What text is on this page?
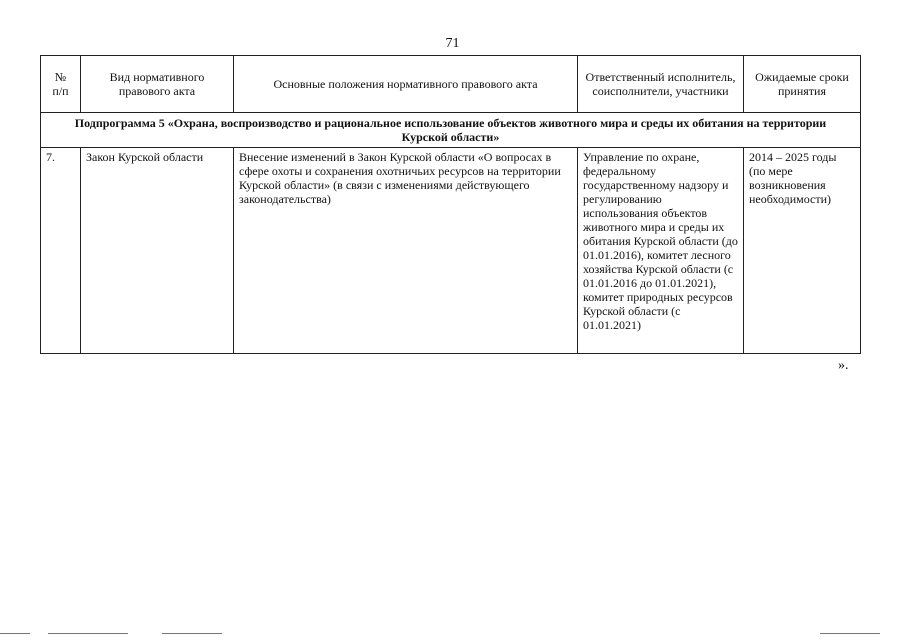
71
№
п/п	Вид нормативного правового акта	Основные положения нормативного правового акта	Ответственный исполнитель, соисполнители, участники	Ожидаемые сроки принятия
Подпрограмма 5 «Охрана, воспроизводство и рациональное использование объектов животного мира и среды их обитания на территории Курской области»				
7.	Закон Курской области	Внесение изменений в Закон Курской области «О вопросах в сфере охоты и сохранения охотничьих ресурсов на территории Курской области» (в связи с изменениями действующего законодательства)	Управление по охране, федеральному государственному надзору и регулированию использования объектов животного мира и среды их обитания Курской области (до 01.01.2016), комитет лесного хозяйства Курской области (с 01.01.2016 до 01.01.2021), комитет природных ресурсов Курской области (с 01.01.2021)	2014 – 2025 годы (по мере возникновения необходимости)
».
